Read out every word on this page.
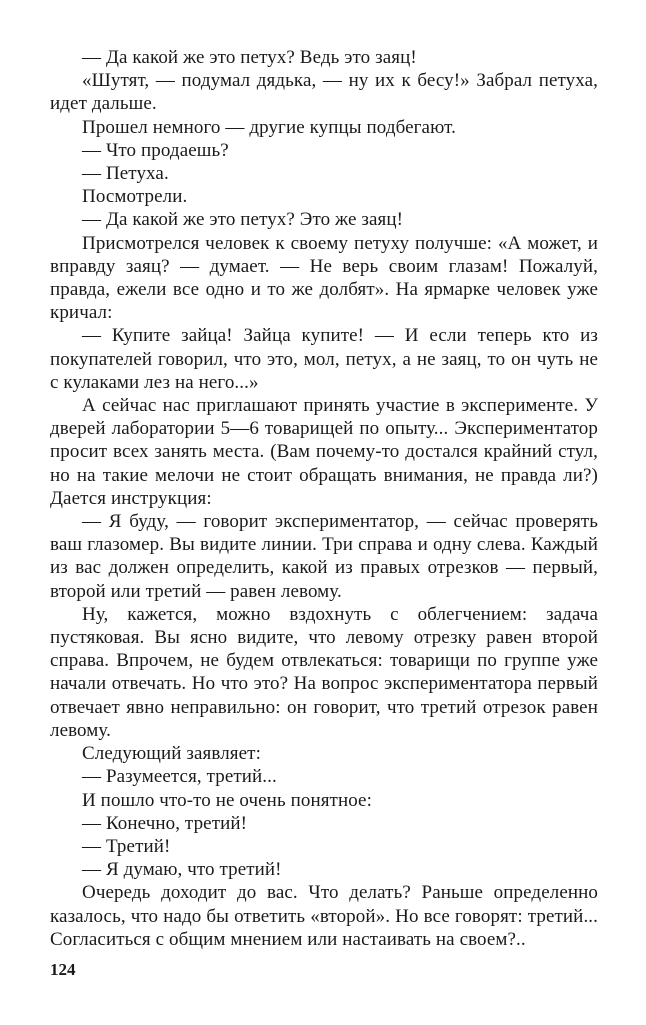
— Да какой же это петух? Ведь это заяц!

«Шутят, — подумал дядька, — ну их к бесу!» Забрал петуха, идет дальше.

Прошел немного — другие купцы подбегают.

— Что продаешь?

— Петуха.

Посмотрели.

— Да какой же это петух? Это же заяц!

Присмотрелся человек к своему петуху получше: «А может, и вправду заяц? — думает. — Не верь своим глазам! Пожалуй, правда, ежели все одно и то же долбят». На ярмарке человек уже кричал:

— Купите зайца! Зайца купите! — И если теперь кто из покупателей говорил, что это, мол, петух, а не заяц, то он чуть не с кулаками лез на него...»

А сейчас нас приглашают принять участие в эксперименте. У дверей лаборатории 5—6 товарищей по опыту... Экспериментатор просит всех занять места. (Вам почему-то достался крайний стул, но на такие мелочи не стоит обращать внимания, не правда ли?) Дается инструкция:

— Я буду, — говорит экспериментатор, — сейчас проверять ваш глазомер. Вы видите линии. Три справа и одну слева. Каждый из вас должен определить, какой из правых отрезков — первый, второй или третий — равен левому.

Ну, кажется, можно вздохнуть с облегчением: задача пустяковая. Вы ясно видите, что левому отрезку равен второй справа. Впрочем, не будем отвлекаться: товарищи по группе уже начали отвечать. Но что это? На вопрос экспериментатора первый отвечает явно неправильно: он говорит, что третий отрезок равен левому.

Следующий заявляет:

— Разумеется, третий...

И пошло что-то не очень понятное:

— Конечно, третий!

— Третий!

— Я думаю, что третий!

Очередь доходит до вас. Что делать? Раньше определенно казалось, что надо бы ответить «второй». Но все говорят: третий... Согласиться с общим мнением или настаивать на своем?..

124
